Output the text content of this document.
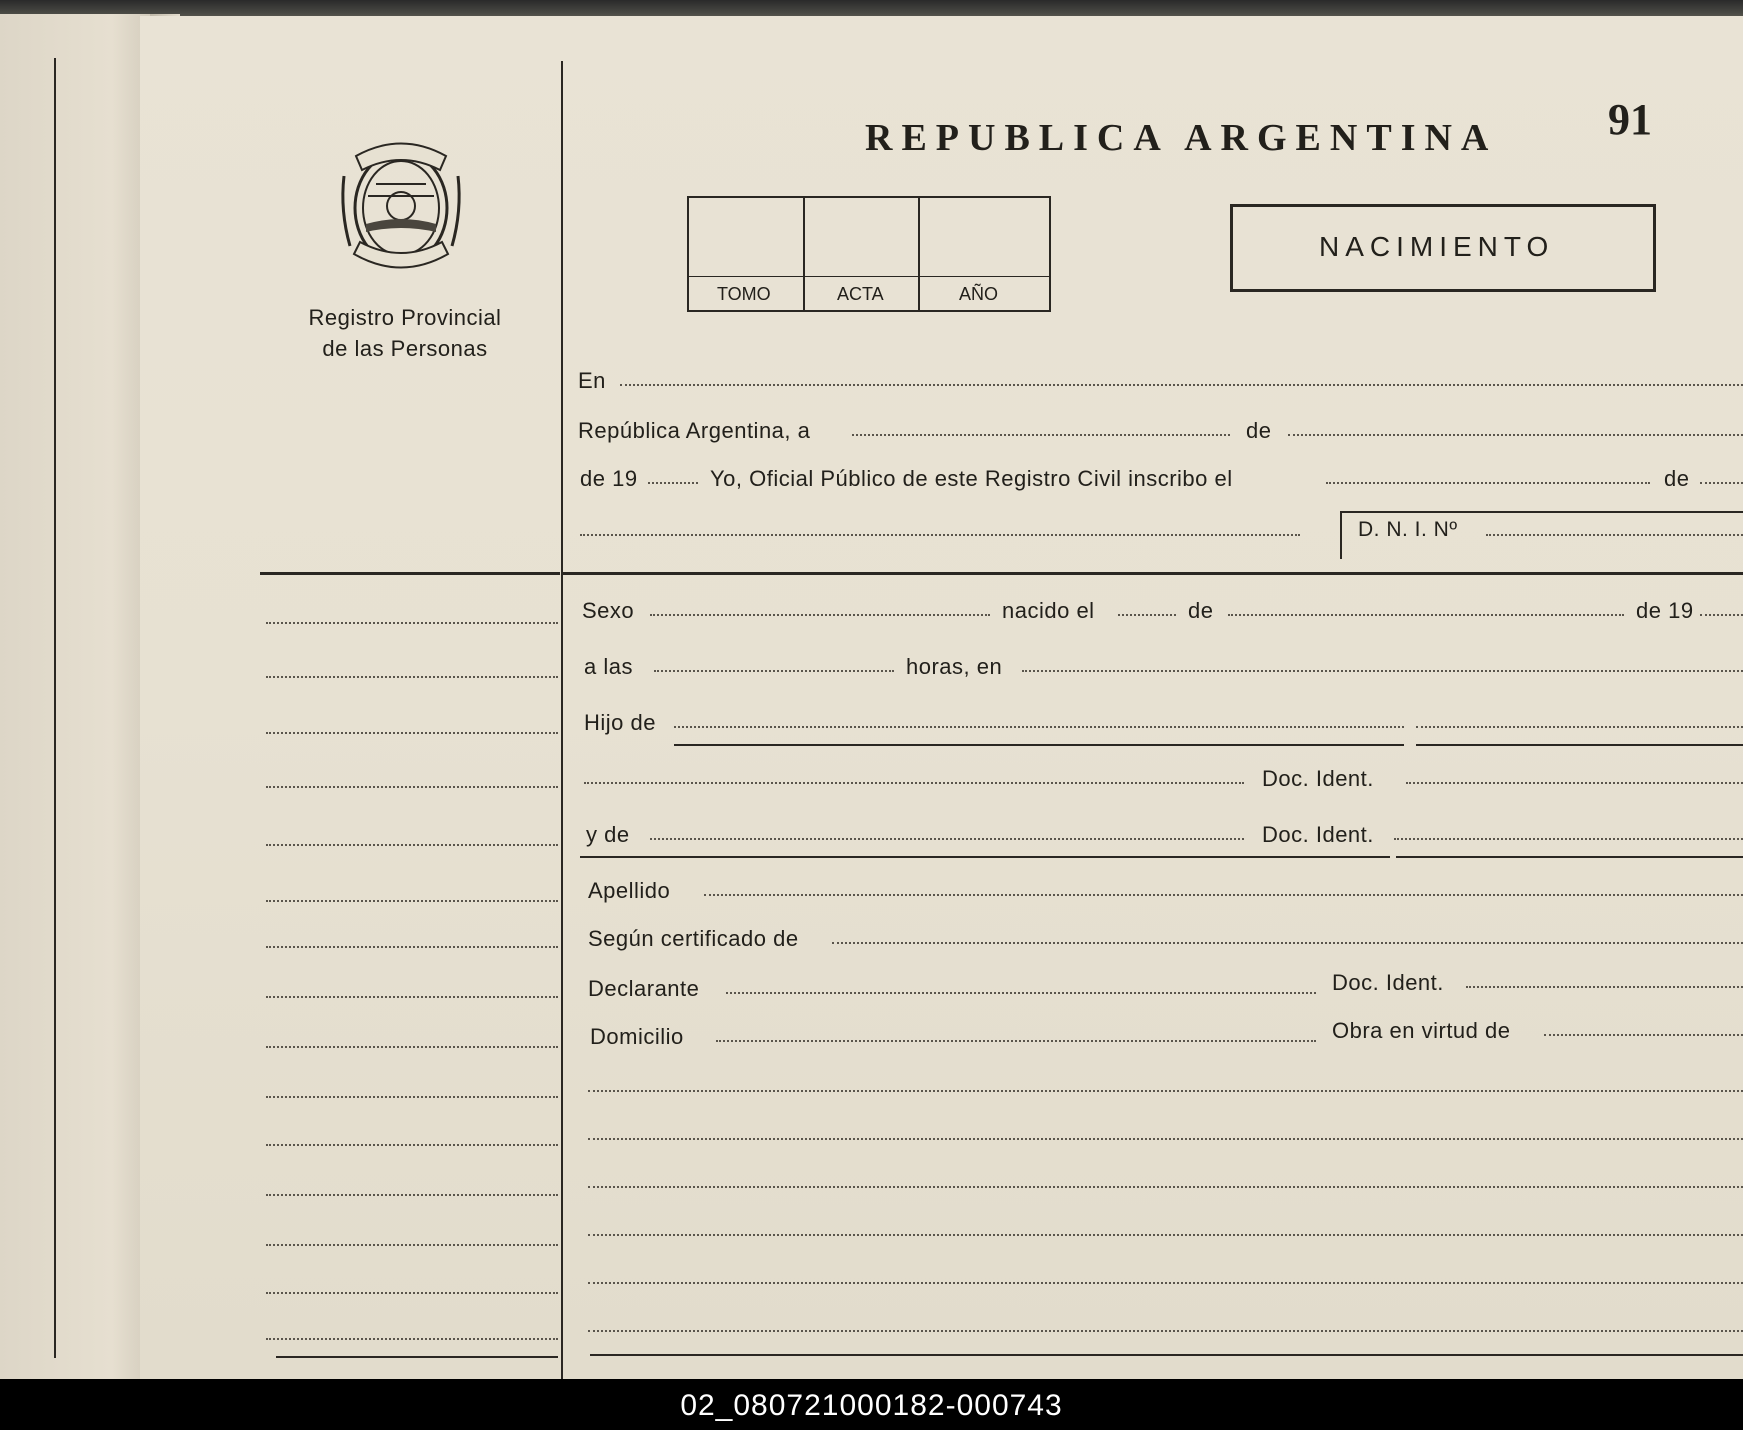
Registro Provincial
de las Personas
REPUBLICA ARGENTINA	91
TOMO	ACTA	AÑO
NACIMIENTO
En
República Argentina, a	de
de 19	Yo, Oficial Público de este Registro Civil inscribo el	de
D. N. I. Nº
Sexo	nacido el	de	de 19
a las	horas, en
Hijo de
Doc. Ident.
y de	Doc. Ident.
Apellido
Según certificado de
Declarante	Doc. Ident.
Domicilio	Obra en virtud de
02_080721000182-000743
